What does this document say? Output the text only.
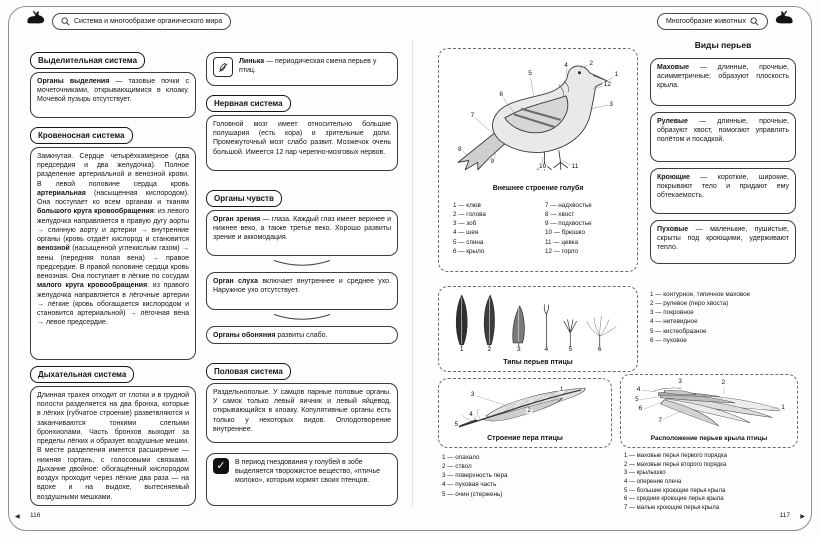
Система и многообразие органического мира	Многообразие животных
Выделительная система
Органы выделения — тазовые почки с мочеточниками, открывающимися в клоаку. Мочевой пузырь отсутствует.
Кровеносная система
Замкнутая. Сердце четырёхкамерное (два предсердия и два желудочка). Полное разделение артериальной и венозной крови. В левой половине сердца кровь артериальная (насыщенная кислородом). Она поступает ко всем органам и тканям большого круга кровообращения: из левого желудочка направляется в правую дугу аорты → спинную аорту и артерии → внутренние органы (кровь отдаёт кислород и становится венозной (насыщенной углекислым газом) → вены (передняя полая вена) → правое предсердие. В правой половине сердца кровь венозная. Она поступает в лёгкие по сосудам малого круга кровообращения: из правого желудочка направляется в лёгочные артерии → лёгкие (кровь обогащается кислородом и становится артериальной) → лёгочная вена → левое предсердие.
Дыхательная система
Длинная трахея отходит от глотки и в грудной полости разделяется на два бронха, которые в лёгких (губчатое строение) разветвляются и заканчиваются тонкими слепыми бронхиолами. Часть бронхов выходит за пределы лёгких и образует воздушные мешки. В месте разделения имеется расширение — нижняя гортань, с голосовыми связками. Дыхание двойное: обогащённый кислородом воздух проходит через лёгкие два раза — на вдохе и на выдохе, вытесняемый воздушными мешками.
Линька — периодическая смена перьев у птиц.
Нервная система
Головной мозг имеет относительно большие полушария (есть кора) и зрительные доли. Промежуточный мозг слабо развит. Мозжечок очень большой. Имеется 12 пар черепно-мозговых нервов.
Органы чувств
Орган зрения — глаза. Каждый глаз имеет верхнее и нижнее веко, а также третье веко. Хорошо развиты зрение и аккомодация.
Орган слуха включает внутреннее и среднее ухо. Наружное ухо отсутствует.
Органы обоняния развиты слабо.
Половая система
Раздельнополые. У самцов парные половые органы. У самок только левый яичник и левый яйцевод, открывающийся в клоаку. Копулятивные органы есть только у некоторых видов. Оплодотворение внутреннее.
✓	В период гнездования у голубей в зобе выделяется творожистое вещество, «птичье молоко», которым кормят своих птенцов.
1
2
3
4
5
6
7
8
9
10	11
12
Внешнее строение голубя
1 — клюв
2 — голова
3 — зоб
4 — шея
5 — спина
6 — крыло
7 — надхвостье
8 — хвост
9 — подхвостье
10 — брюшко
11 — цевка
12 — горло
Виды перьев
Маховые — длинные, прочные, асимметричные; образуют плоскость крыла.
Рулевые — длинные, прочные, образуют хвост, помогают управлять полётом и посадкой.
Кроющие — короткие, широкие, покрывают тело и придают ему обтекаемость.
Пуховые — маленькие, пушистые, скрыты под кроющими, удерживают тепло.
1	2	3	4	5	6
Типы перьев птицы
1 — контурное, типичное маховое
2 — рулевое (перо хвоста)
3 — покровное
4 — нитевидное
5 — кистеобразное
6 — пуховое
1
2
3
4
5
Строение пера птицы
1 — опахало
2 — ствол
3 — поверхность пера
4 — пуховая часть
5 — очин (стержень)
1
2
3
4
5
6
7
Расположение перьев крыла птицы
1 — маховые перья первого порядка
2 — маховые перья второго порядка
3 — крылышко
4 — оперение плеча
5 — большие кроющие перья крыла
6 — средние кроющие перья крыла
7 — малые кроющие перья крыла
◀ 116	117 ▶
